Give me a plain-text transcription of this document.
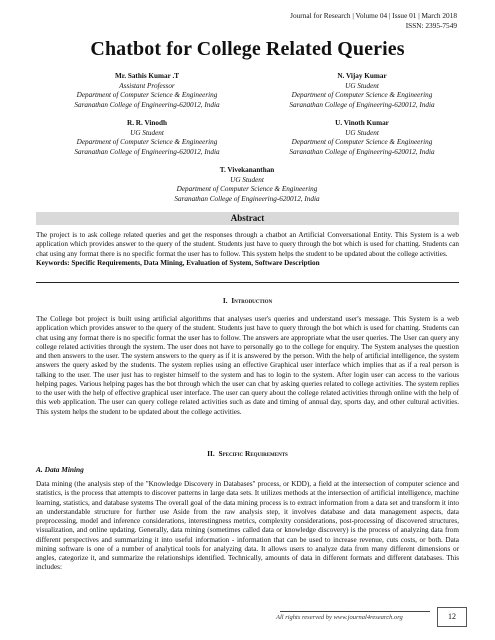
Journal for Research | Volume 04 | Issue 01 | March 2018
ISSN: 2395-7549
Chatbot for College Related Queries
Mr. Sathis Kumar .T
Assistant Professor
Department of Computer Science & Engineering
Saranathan College of Engineering-620012, India
N. Vijay Kumar
UG Student
Department of Computer Science & Engineering
Saranathan College of Engineering-620012, India
R. R. Vinodh
UG Student
Department of Computer Science & Engineering
Saranathan College of Engineering-620012, India
U. Vinoth Kumar
UG Student
Department of Computer Science & Engineering
Saranathan College of Engineering-620012, India
T. Vivekananthan
UG Student
Department of Computer Science & Engineering
Saranathan College of Engineering-620012, India
Abstract
The project is to ask college related queries and get the responses through a chatbot an Artificial Conversational Entity. This System is a web application which provides answer to the query of the student. Students just have to query through the bot which is used for chatting. Students can chat using any format there is no specific format the user has to follow. This system helps the student to be updated about the college activities.
Keywords: Specific Requirements, Data Mining, Evaluation of System, Software Description
I. Introduction
The College bot project is built using artificial algorithms that analyses user's queries and understand user's message. This System is a web application which provides answer to the query of the student. Students just have to query through the bot which is used for chatting. Students can chat using any format there is no specific format the user has to follow. The answers are appropriate what the user queries. The User can query any college related activities through the system. The user does not have to personally go to the college for enquiry. The System analyses the question and then answers to the user. The system answers to the query as if it is answered by the person. With the help of artificial intelligence, the system answers the query asked by the students. The system replies using an effective Graphical user interface which implies that as if a real person is talking to the user. The user just has to register himself to the system and has to login to the system. After login user can access to the various helping pages. Various helping pages has the bot through which the user can chat by asking queries related to college activities. The system replies to the user with the help of effective graphical user interface. The user can query about the college related activities through online with the help of this web application. The user can query college related activities such as date and timing of annual day, sports day, and other cultural activities. This system helps the student to be updated about the college activities.
II. Specific Requirements
A. Data Mining
Data mining (the analysis step of the "Knowledge Discovery in Databases" process, or KDD), a field at the intersection of computer science and statistics, is the process that attempts to discover patterns in large data sets. It utilizes methods at the intersection of artificial intelligence, machine learning, statistics, and database systems The overall goal of the data mining process is to extract information from a data set and transform it into an understandable structure for further use Aside from the raw analysis step, it involves database and data management aspects, data preprocessing, model and inference considerations, interestingness metrics, complexity considerations, post-processing of discovered structures, visualization, and online updating. Generally, data mining (sometimes called data or knowledge discovery) is the process of analyzing data from different perspectives and summarizing it into useful information - information that can be used to increase revenue, cuts costs, or both. Data mining software is one of a number of analytical tools for analyzing data. It allows users to analyze data from many different dimensions or angles, categorize it, and summarize the relationships identified. Technically, amounts of data in different formats and different databases. This includes:
All rights reserved by www.journal4research.org	12
